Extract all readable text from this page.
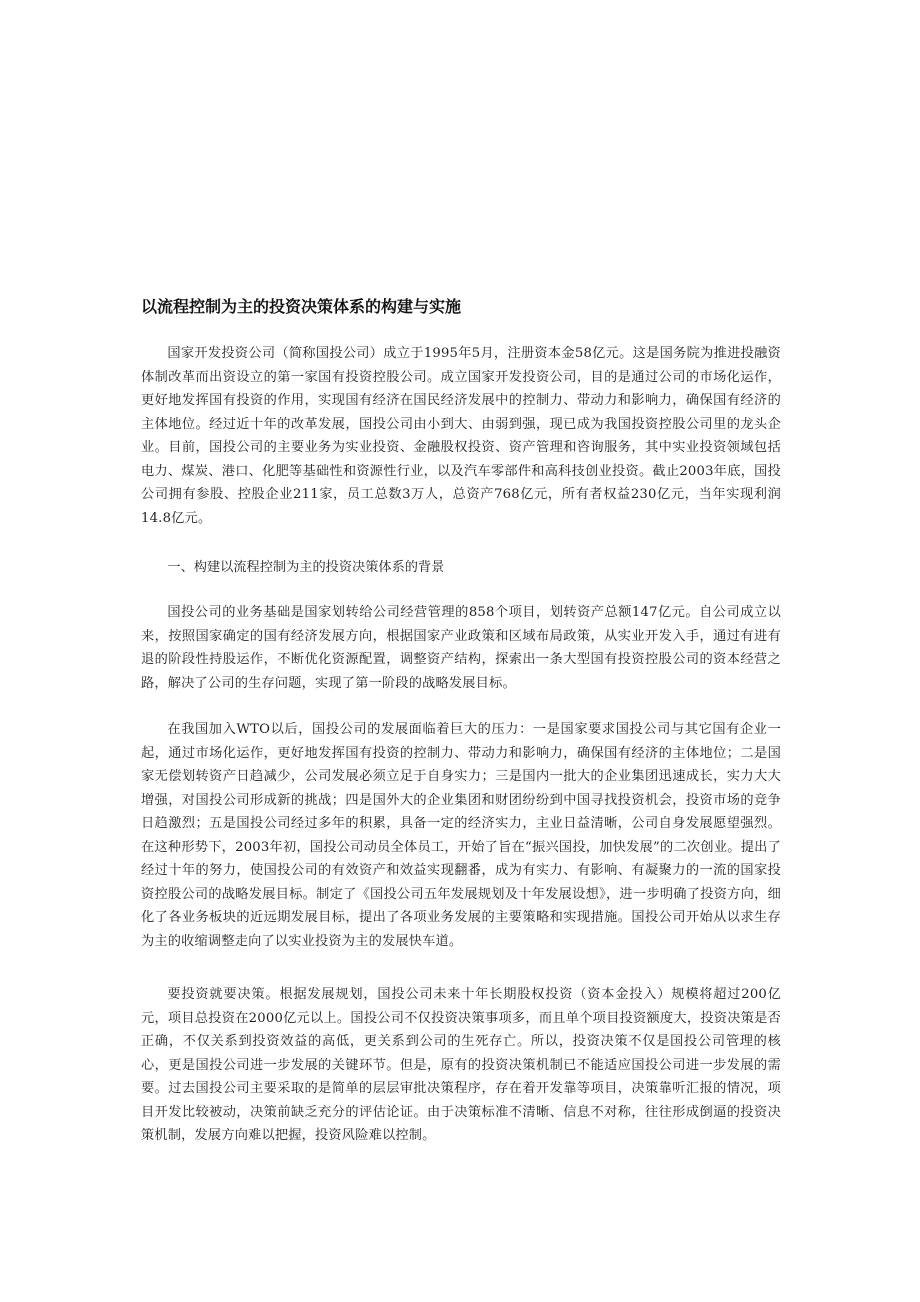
以流程控制为主的投资决策体系的构建与实施

国家开发投资公司（简称国投公司）成立于1995年5月，注册资本金58亿元。这是国务院为推进投融资体制改革而出资设立的第一家国有投资控股公司。成立国家开发投资公司，目的是通过公司的市场化运作，更好地发挥国有投资的作用，实现国有经济在国民经济发展中的控制力、带动力和影响力，确保国有经济的主体地位。经过近十年的改革发展，国投公司由小到大、由弱到强，现已成为我国投资控股公司里的龙头企业。目前，国投公司的主要业务为实业投资、金融股权投资、资产管理和咨询服务，其中实业投资领域包括电力、煤炭、港口、化肥等基础性和资源性行业，以及汽车零部件和高科技创业投资。截止2003年底，国投公司拥有参股、控股企业211家，员工总数3万人，总资产768亿元，所有者权益230亿元，当年实现利润14.8亿元。

一、构建以流程控制为主的投资决策体系的背景

国投公司的业务基础是国家划转给公司经营管理的858个项目，划转资产总额147亿元。自公司成立以来，按照国家确定的国有经济发展方向，根据国家产业政策和区域布局政策，从实业开发入手，通过有进有退的阶段性持股运作，不断优化资源配置，调整资产结构，探索出一条大型国有投资控股公司的资本经营之路，解决了公司的生存问题，实现了第一阶段的战略发展目标。

在我国加入WTO以后，国投公司的发展面临着巨大的压力：一是国家要求国投公司与其它国有企业一起，通过市场化运作，更好地发挥国有投资的控制力、带动力和影响力，确保国有经济的主体地位；二是国家无偿划转资产日趋减少，公司发展必须立足于自身实力；三是国内一批大的企业集团迅速成长，实力大大增强，对国投公司形成新的挑战；四是国外大的企业集团和财团纷纷到中国寻找投资机会，投资市场的竞争日趋激烈；五是国投公司经过多年的积累，具备一定的经济实力，主业日益清晰，公司自身发展愿望强烈。在这种形势下，2003年初，国投公司动员全体员工，开始了旨在“振兴国投，加快发展”的二次创业。提出了经过十年的努力，使国投公司的有效资产和效益实现翻番，成为有实力、有影响、有凝聚力的一流的国家投资控股公司的战略发展目标。制定了《国投公司五年发展规划及十年发展设想》，进一步明确了投资方向，细化了各业务板块的近远期发展目标，提出了各项业务发展的主要策略和实现措施。国投公司开始从以求生存为主的收缩调整走向了以实业投资为主的发展快车道。

要投资就要决策。根据发展规划，国投公司未来十年长期股权投资（资本金投入）规模将超过200亿元，项目总投资在2000亿元以上。国投公司不仅投资决策事项多，而且单个项目投资额度大，投资决策是否正确，不仅关系到投资效益的高低，更关系到公司的生死存亡。所以，投资决策不仅是国投公司管理的核心，更是国投公司进一步发展的关键环节。但是，原有的投资决策机制已不能适应国投公司进一步发展的需要。过去国投公司主要采取的是简单的层层审批决策程序，存在着开发靠等项目，决策靠听汇报的情况，项目开发比较被动，决策前缺乏充分的评估论证。由于决策标准不清晰、信息不对称，往往形成倒逼的投资决策机制，发展方向难以把握，投资风险难以控制。
